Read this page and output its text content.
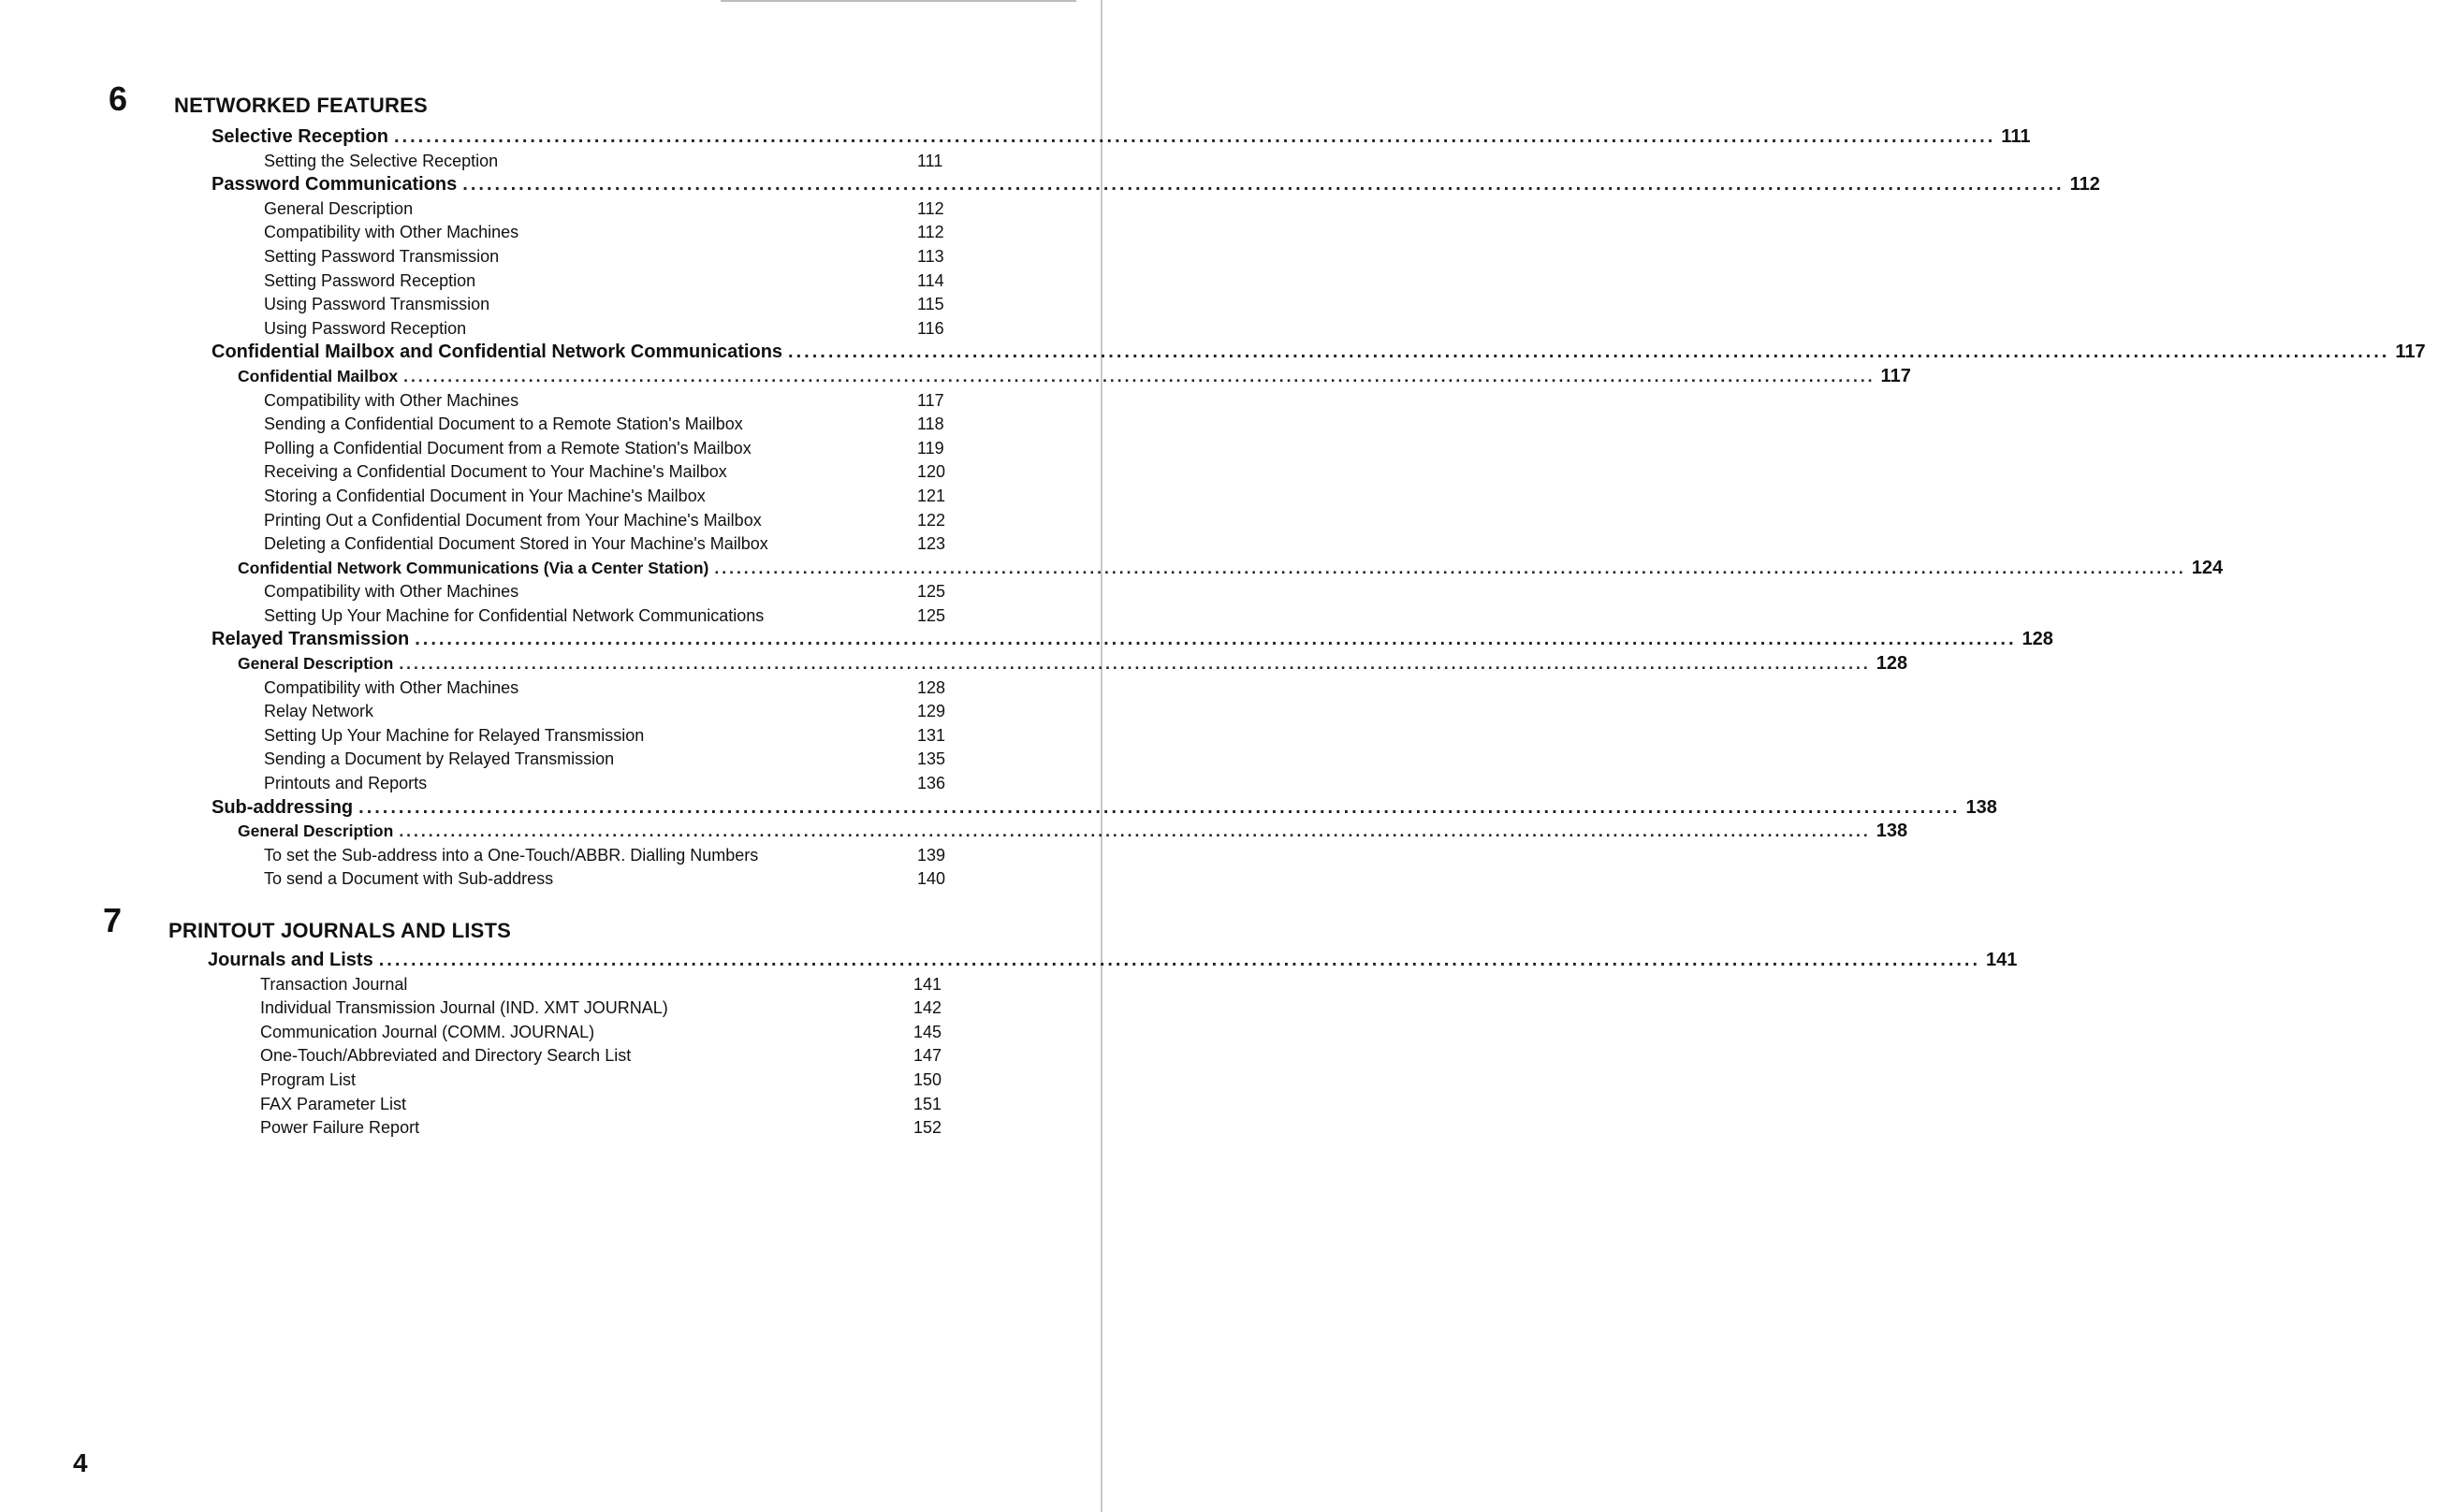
6 NETWORKED FEATURES
Selective Reception ........................................................................................................................................................................................................ 111
Setting the Selective Reception	111
Password Communications ........................................................................................................................................................................................................ 112
General Description	112
Compatibility with Other Machines	112
Setting Password Transmission	113
Setting Password Reception	114
Using Password Transmission	115
Using Password Reception	116
Confidential Mailbox and Confidential Network Communications ........................................................................................................................................................................................................ 117
Confidential Mailbox ........................................................................................................................................................................................................ 117
Compatibility with Other Machines	117
Sending a Confidential Document to a Remote Station's Mailbox	118
Polling a Confidential Document from a Remote Station's Mailbox	119
Receiving a Confidential Document to Your Machine's Mailbox	120
Storing a Confidential Document in Your Machine's Mailbox	121
Printing Out a Confidential Document from Your Machine's Mailbox	122
Deleting a Confidential Document Stored in Your Machine's Mailbox	123
Confidential Network Communications (Via a Center Station) ........................................................................................................................................................................................................ 124
Compatibility with Other Machines	125
Setting Up Your Machine for Confidential Network Communications	125
Relayed Transmission ........................................................................................................................................................................................................ 128
General Description ........................................................................................................................................................................................................ 128
Compatibility with Other Machines	128
Relay Network	129
Setting Up Your Machine for Relayed Transmission	131
Sending a Document by Relayed Transmission	135
Printouts and Reports	136
Sub-addressing ........................................................................................................................................................................................................ 138
General Description ........................................................................................................................................................................................................ 138
To set the Sub-address into a One-Touch/ABBR. Dialling Numbers	139
To send a Document with Sub-address	140
7 PRINTOUT JOURNALS AND LISTS
Journals and Lists ........................................................................................................................................................................................................ 141
Transaction Journal	141
Individual Transmission Journal (IND. XMT JOURNAL)	142
Communication Journal (COMM. JOURNAL)	145
One-Touch/Abbreviated and Directory Search List	147
Program List	150
FAX Parameter List	151
Power Failure Report	152
4
